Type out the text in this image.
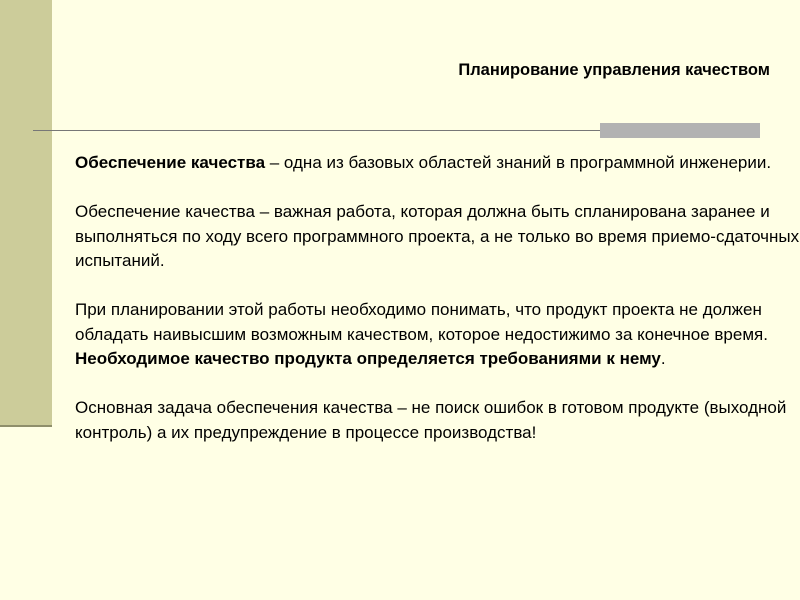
Планирование управления качеством

Обеспечение качества – одна из базовых областей знаний в программной инженерии.

Обеспечение качества – важная работа, которая должна быть спланирована заранее и выполняться по ходу всего программного проекта, а не только во время приемо-сдаточных испытаний.

При планировании этой работы необходимо понимать, что продукт проекта не должен обладать наивысшим возможным качеством, которое недостижимо за конечное время. Необходимое качество продукта определяется требованиями к нему.

Основная задача обеспечения качества – не поиск ошибок в готовом продукте (выходной контроль) а их предупреждение в процессе производства!
